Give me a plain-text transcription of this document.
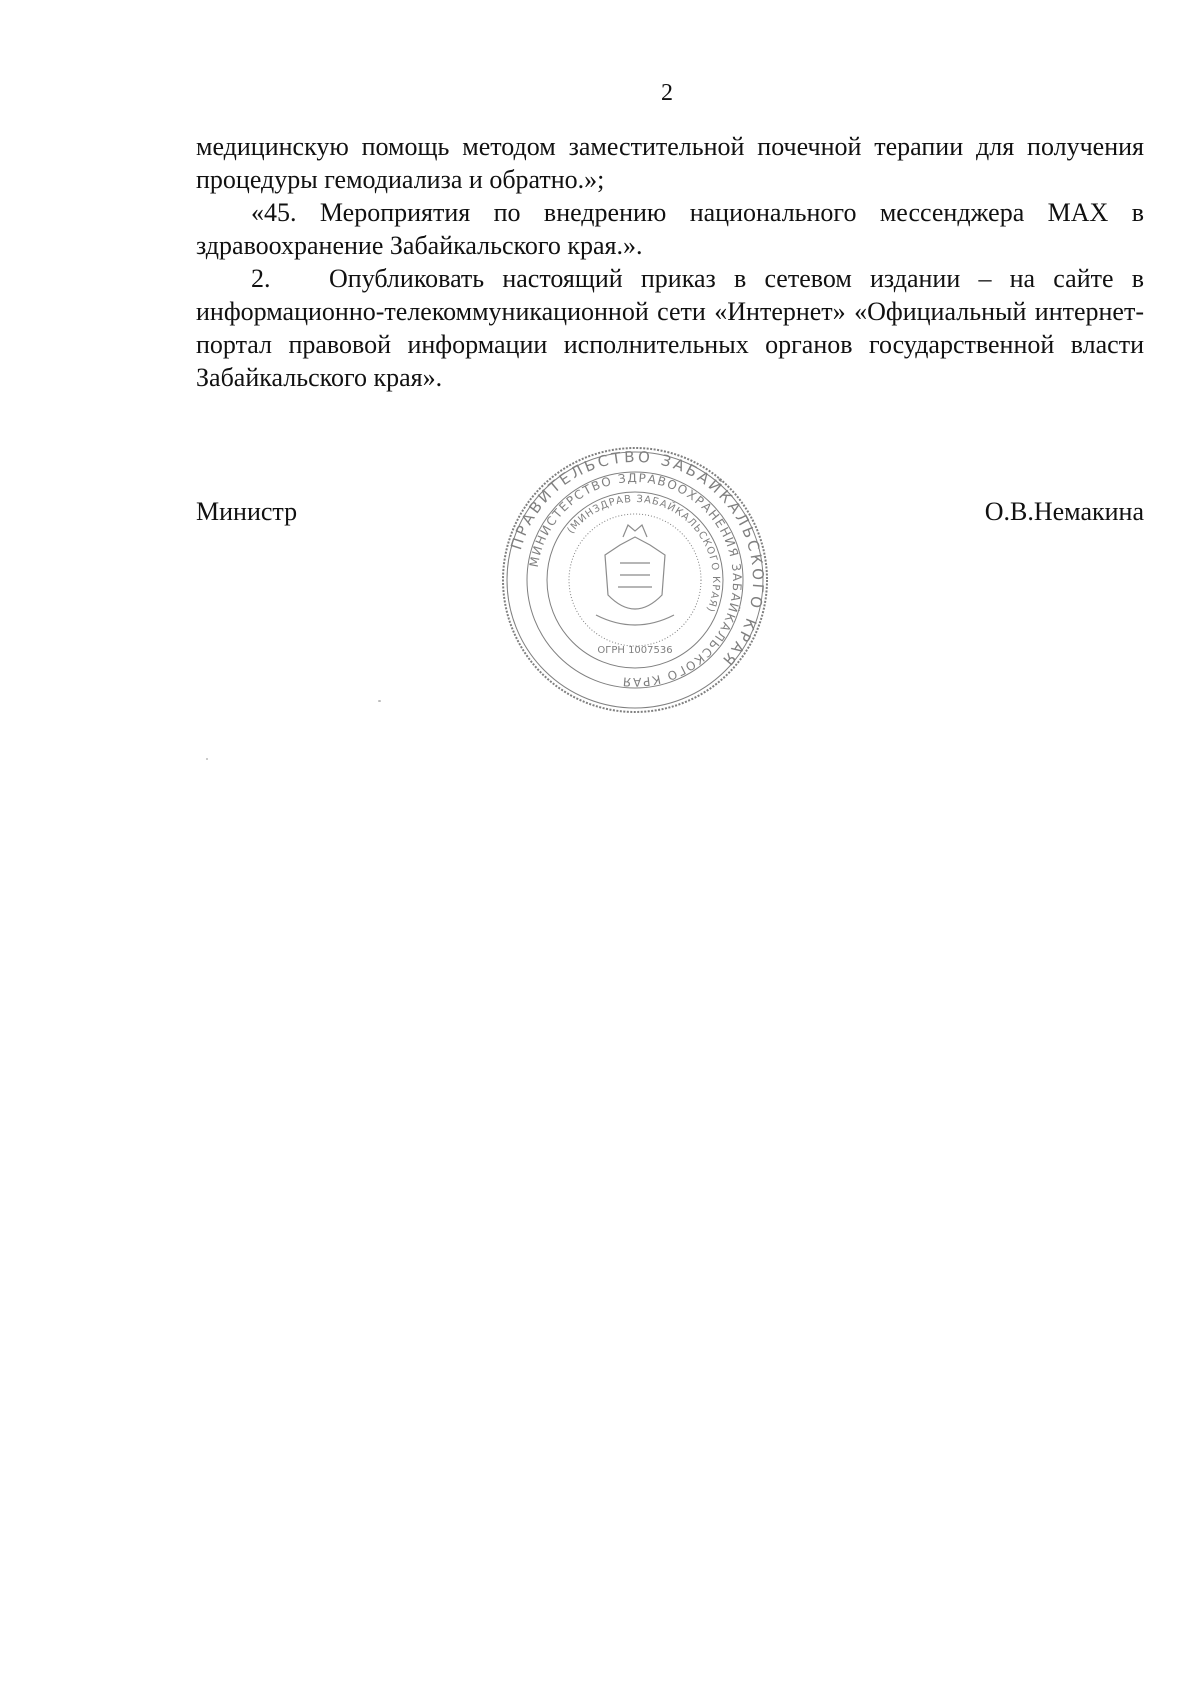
2

медицинскую помощь методом заместительной почечной терапии для получения процедуры гемодиализа и обратно.»;

«45. Мероприятия по внедрению национального мессенджера МАХ в здравоохранение Забайкальского края.».

2. Опубликовать настоящий приказ в сетевом издании – на сайте в информационно-телекоммуникационной сети «Интернет» «Официальный интернет-портал правовой информации исполнительных органов государственной власти Забайкальского края».

Министр	О.В.Немакина
ПРАВИТЕЛЬСТВО ЗАБАЙКАЛЬСКОГО КРАЯ
МИНИСТЕРСТВО ЗДРАВООХРАНЕНИЯ ЗАБАЙКАЛЬСКОГО КРАЯ
(МИНЗДРАВ ЗАБАЙКАЛЬСКОГО КРАЯ)
ОГРН 1007536
